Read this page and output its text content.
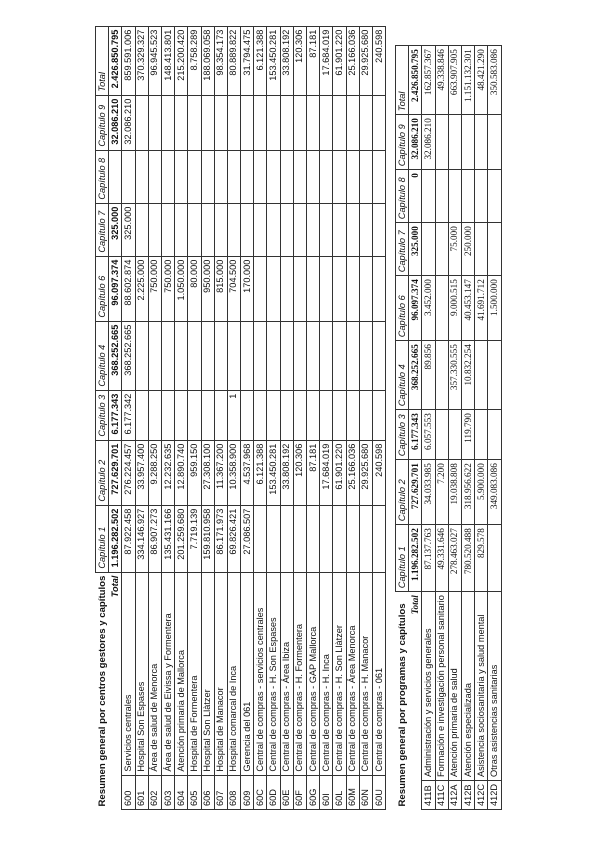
Resumen general por centros gestores y capítulos		Capítulo 1	Capítulo 2	Capítulo 3	Capítulo 4	Capítulo 6	Capítulo 7	Capítulo 8	Capítulo 9	Total
Total		1.196.282.502	727.629.701	6.177.343	368.252.665	96.097.374	325.000		32.086.210	2.426.850.795
600	Servicios centrales	87.922.458	276.224.457	6.177.342	368.252.665	88.602.874	325.000		32.086.210	859.591.006
601	Hospital Son Espases	334.146.927	33.957.400			2.225.000				370.329.327
602	Área de salud de Menorca	86.907.273	9.288.250			750.000				96.945.523
603	Área de salud de Eivissa y Formentera	135.431.166	12.232.635			750.000				148.413.801
604	Atención primaria de Mallorca	201.259.680	12.890.740			1.050.000				215.200.420
605	Hospital de Formentera	7.719.139	959.150			80.000				8.758.289
606	Hospital Son Llàtzer	159.810.958	27.308.100			950.000				188.069.058
607	Hospital de Manacor	86.171.973	11.367.200			815.000				98.354.173
608	Hospital comarcal de Inca	69.826.421	10.358.900	1		704.500				80.889.822
609	Gerencia del 061	27.086.507	4.537.968			170.000				31.794.475
60C	Central de compras - servicios centrales		6.121.388							6.121.388
60D	Central de compras - H. Son Espases		153.450.281							153.450.281
60E	Central de compras - Área Ibiza		33.808.192							33.808.192
60F	Central de compras - H. Formentera		120.306							120.306
60G	Central de compras - GAP Mallorca		87.181							87.181
60I	Central de compras - H. Inca		17.684.019							17.684.019
60L	Central de compras - H. Son Llàtzer		61.901.220							61.901.220
60M	Central de compras - Área Menorca		25.166.036							25.166.036
60N	Central de compras - H. Manacor		29.925.680							29.925.680
60U	Central de compras - 061		240.598							240.598
Resumen general por programas y capítulos		Capítulo 1	Capítulo 2	Capítulo 3	Capítulo 4	Capítulo 6	Capítulo 7	Capítulo 8	Capítulo 9	Total
Total		1.196.282.502	727.629.701	6.177.343	368.252.665	96.097.374	325.000	0	32.086.210	2.426.850.795
411B	Administración y servicios generales	87.137.763	34.033.985	6.057.553	89.856	3.452.000			32.086.210	162.857.367
411C	Formación e investigación personal sanitario	49.331.646	7.200							49.338.846
412A	Atención primaria de salud	278.463.027	19.038.808		357.330.555	9.000.515	75.000			663.907.905
412B	Atención especializada	780.520.488	318.956.622	119.790	10.832.254	40.453.147	250.000			1.151.132.301
412C	Asistencia sociosanitaria y salud mental	829.578	5.900.000			41.691.712				48.421.290
412D	Otras asistencias sanitarias		349.083.086			1.500.000				350.583.086
